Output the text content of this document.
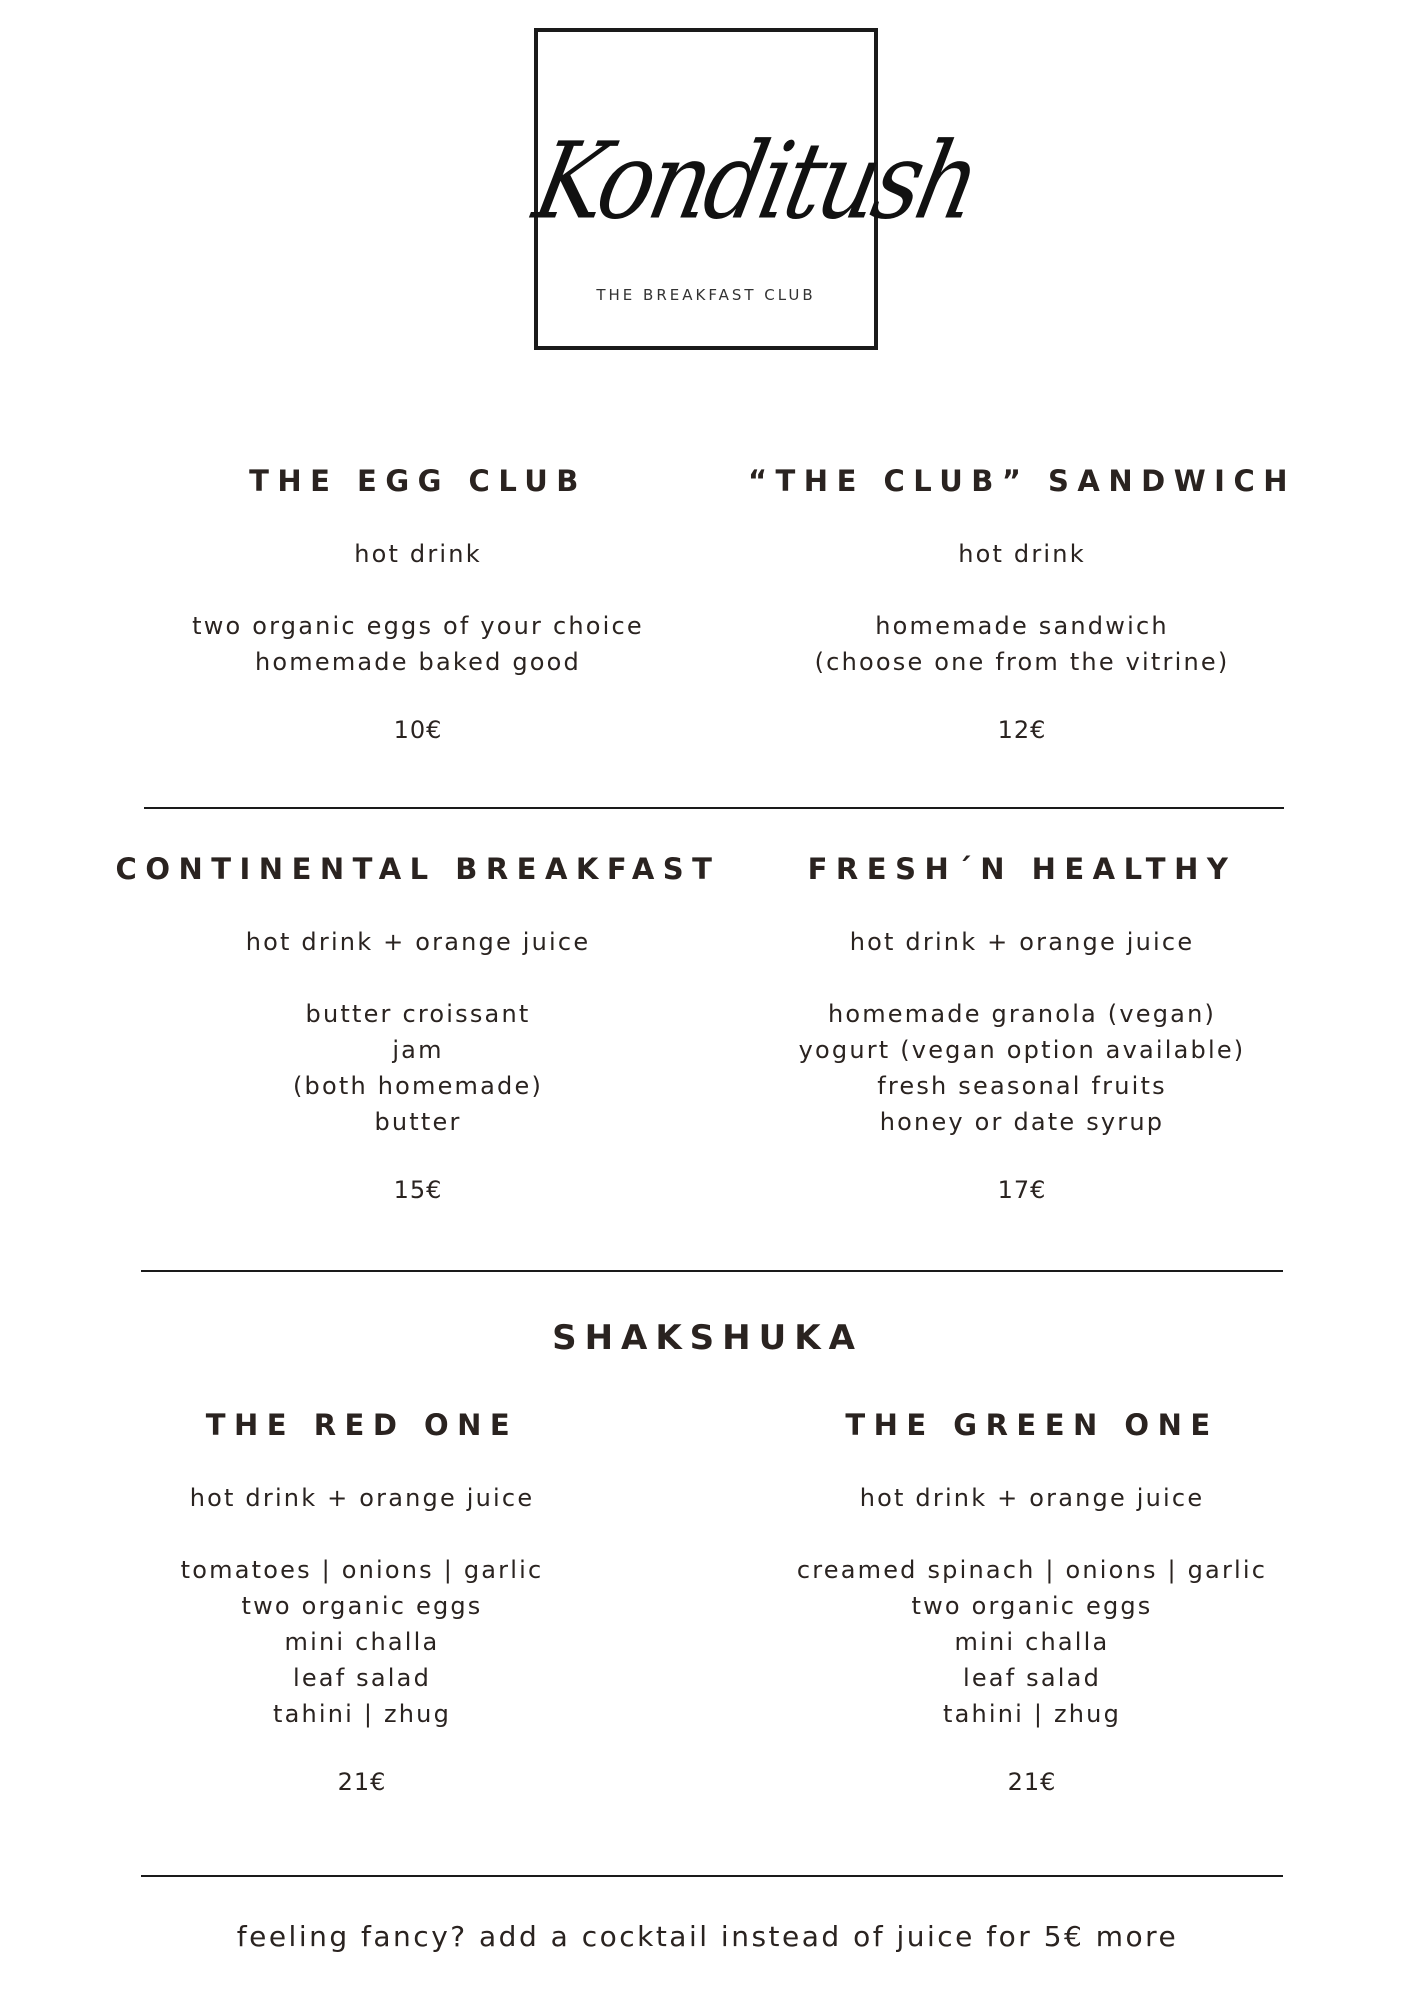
Konditush
THE BREAKFAST CLUB
THE EGG CLUB
hot drink
two organic eggs of your choice
homemade baked good
10€
“THE CLUB” SANDWICH
hot drink
homemade sandwich
(choose one from the vitrine)
12€
CONTINENTAL BREAKFAST
hot drink + orange juice
butter croissant
jam
(both homemade)
butter
15€
FRESH´N HEALTHY
hot drink + orange juice
homemade granola (vegan)
yogurt (vegan option available)
fresh seasonal fruits
honey or date syrup
17€
SHAKSHUKA
THE RED ONE
hot drink + orange juice
tomatoes | onions | garlic
two organic eggs
mini challa
leaf salad
tahini | zhug
21€
THE GREEN ONE
hot drink + orange juice
creamed spinach | onions | garlic
two organic eggs
mini challa
leaf salad
tahini | zhug
21€
feeling fancy? add a cocktail instead of juice for 5€ more
